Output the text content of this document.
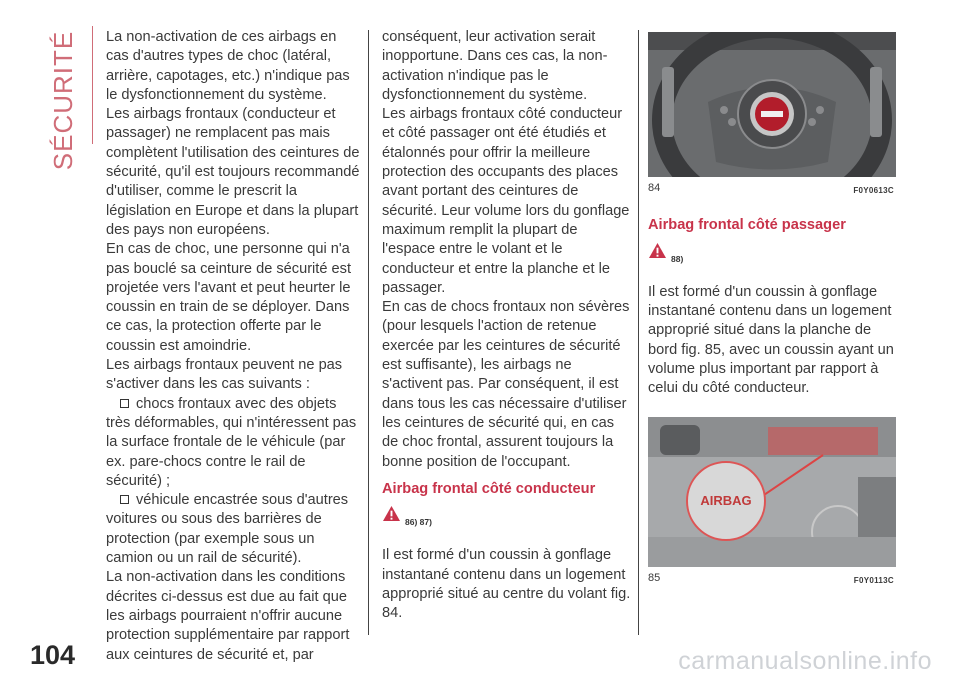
SÉCURITÉ La non-activation de ces airbags en cas d'autres types de choc (latéral, arrière, capotages, etc.) n'indique pas le dysfonctionnement du système.

Les airbags frontaux (conducteur et passager) ne remplacent pas mais complètent l'utilisation des ceintures de sécurité, qu'il est toujours recommandé d'utiliser, comme le prescrit la législation en Europe et dans la plupart des pays non européens.

En cas de choc, une personne qui n'a pas bouclé sa ceinture de sécurité est projetée vers l'avant et peut heurter le coussin en train de se déployer. Dans ce cas, la protection offerte par le coussin est amoindrie.

Les airbags frontaux peuvent ne pas s'activer dans les cas suivants :

chocs frontaux avec des objets très déformables, qui n'intéressent pas la surface frontale de le véhicule (par ex. pare-chocs contre le rail de sécurité) ;

véhicule encastrée sous d'autres voitures ou sous des barrières de protection (par exemple sous un camion ou un rail de sécurité).

La non-activation dans les conditions décrites ci-dessus est due au fait que les airbags pourraient n'offrir aucune protection supplémentaire par rapport aux ceintures de sécurité et, par

conséquent, leur activation serait inopportune. Dans ces cas, la non-activation n'indique pas le dysfonctionnement du système.

Les airbags frontaux côté conducteur et côté passager ont été étudiés et étalonnés pour offrir la meilleure protection des occupants des places avant portant des ceintures de sécurité. Leur volume lors du gonflage maximum remplit la plupart de l'espace entre le volant et le conducteur et entre la planche et le passager.

En cas de chocs frontaux non sévères (pour lesquels l'action de retenue exercée par les ceintures de sécurité est suffisante), les airbags ne s'activent pas. Par conséquent, il est dans tous les cas nécessaire d'utiliser les ceintures de sécurité qui, en cas de choc frontal, assurent toujours la bonne position de l'occupant.

Airbag frontal côté conducteur

86) 87)

Il est formé d'un coussin à gonflage instantané contenu dans un logement approprié situé au centre du volant fig. 84.

84	F0Y0613C

Airbag frontal côté passager

88)

Il est formé d'un coussin à gonflage instantané contenu dans un logement approprié situé dans la planche de bord fig. 85, avec un coussin ayant un volume plus important par rapport à celui du côté conducteur.

AIRBAG
85	F0Y0113C
104	carmanualsonline.info
